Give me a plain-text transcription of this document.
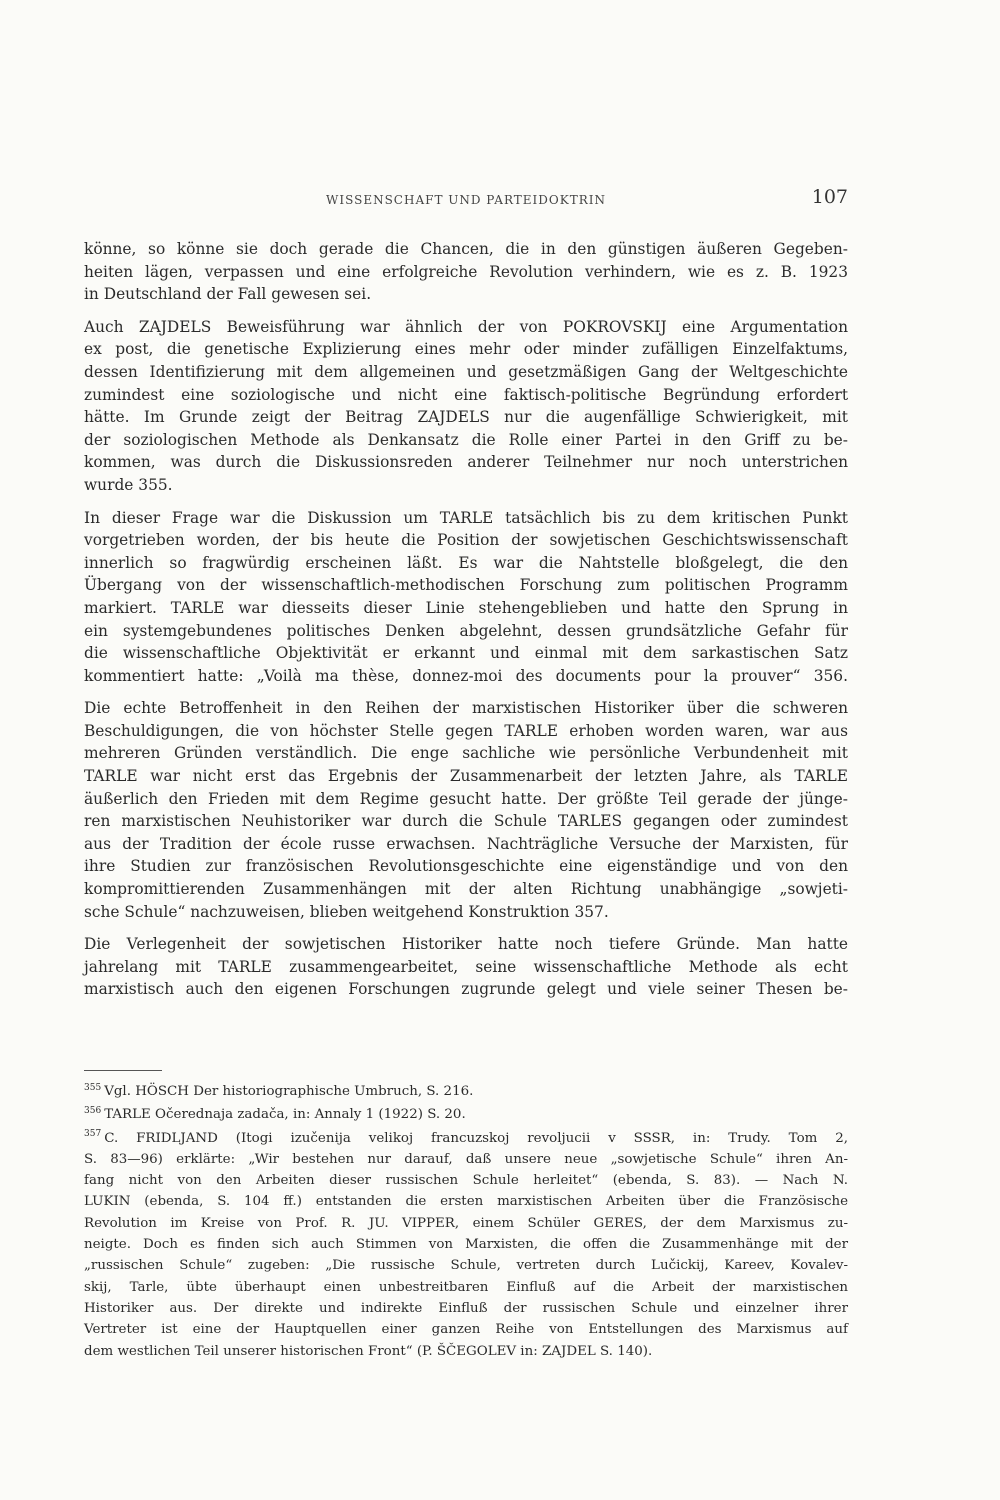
WISSENSCHAFT UND PARTEIDOKTRIN	107
könne, so könne sie doch gerade die Chancen, die in den günstigen äußeren Gegeben-
heiten lägen, verpassen und eine erfolgreiche Revolution verhindern, wie es z. B. 1923
in Deutschland der Fall gewesen sei.
Auch ZAJDELS Beweisführung war ähnlich der von POKROVSKIJ eine Argumentation
ex post, die genetische Explizierung eines mehr oder minder zufälligen Einzelfaktums,
dessen Identifizierung mit dem allgemeinen und gesetzmäßigen Gang der Weltgeschichte
zumindest eine soziologische und nicht eine faktisch-politische Begründung erfordert
hätte. Im Grunde zeigt der Beitrag ZAJDELS nur die augenfällige Schwierigkeit, mit
der soziologischen Methode als Denkansatz die Rolle einer Partei in den Griff zu be-
kommen, was durch die Diskussionsreden anderer Teilnehmer nur noch unterstrichen
wurde 355.
In dieser Frage war die Diskussion um TARLE tatsächlich bis zu dem kritischen Punkt
vorgetrieben worden, der bis heute die Position der sowjetischen Geschichtswissenschaft
innerlich so fragwürdig erscheinen läßt. Es war die Nahtstelle bloßgelegt, die den
Übergang von der wissenschaftlich-methodischen Forschung zum politischen Programm
markiert. TARLE war diesseits dieser Linie stehengeblieben und hatte den Sprung in
ein systemgebundenes politisches Denken abgelehnt, dessen grundsätzliche Gefahr für
die wissenschaftliche Objektivität er erkannt und einmal mit dem sarkastischen Satz
kommentiert hatte: „Voilà ma thèse, donnez-moi des documents pour la prouver“ 356.
Die echte Betroffenheit in den Reihen der marxistischen Historiker über die schweren
Beschuldigungen, die von höchster Stelle gegen TARLE erhoben worden waren, war aus
mehreren Gründen verständlich. Die enge sachliche wie persönliche Verbundenheit mit
TARLE war nicht erst das Ergebnis der Zusammenarbeit der letzten Jahre, als TARLE
äußerlich den Frieden mit dem Regime gesucht hatte. Der größte Teil gerade der jünge-
ren marxistischen Neuhistoriker war durch die Schule TARLES gegangen oder zumindest
aus der Tradition der école russe erwachsen. Nachträgliche Versuche der Marxisten, für
ihre Studien zur französischen Revolutionsgeschichte eine eigenständige und von den
kompromittierenden Zusammenhängen mit der alten Richtung unabhängige „sowjeti-
sche Schule“ nachzuweisen, blieben weitgehend Konstruktion 357.
Die Verlegenheit der sowjetischen Historiker hatte noch tiefere Gründe. Man hatte
jahrelang mit TARLE zusammengearbeitet, seine wissenschaftliche Methode als echt
marxistisch auch den eigenen Forschungen zugrunde gelegt und viele seiner Thesen be-
$^{355}$ Vgl. HÖSCH Der historiographische Umbruch, S. 216.
$^{356}$ TARLE Očerednaja zadača, in: Annaly 1 (1922) S. 20.
$^{357}$ C. FRIDLJAND (Itogi izučenija velikoj francuzskoj revoljucii v SSSR, in: Trudy. Tom 2,
S. 83—96) erklärte: „Wir bestehen nur darauf, daß unsere neue „sowjetische Schule“ ihren An-
fang nicht von den Arbeiten dieser russischen Schule herleitet“ (ebenda, S. 83). — Nach N.
LUKIN (ebenda, S. 104 ff.) entstanden die ersten marxistischen Arbeiten über die Französische
Revolution im Kreise von Prof. R. JU. VIPPER, einem Schüler GERES, der dem Marxismus zu-
neigte. Doch es finden sich auch Stimmen von Marxisten, die offen die Zusammenhänge mit der
„russischen Schule“ zugeben: „Die russische Schule, vertreten durch Lučickij, Kareev, Kovalev-
skij, Tarle, übte überhaupt einen unbestreitbaren Einfluß auf die Arbeit der marxistischen
Historiker aus. Der direkte und indirekte Einfluß der russischen Schule und einzelner ihrer
Vertreter ist eine der Hauptquellen einer ganzen Reihe von Entstellungen des Marxismus auf
dem westlichen Teil unserer historischen Front“ (P. ŠČEGOLEV in: ZAJDEL S. 140).
